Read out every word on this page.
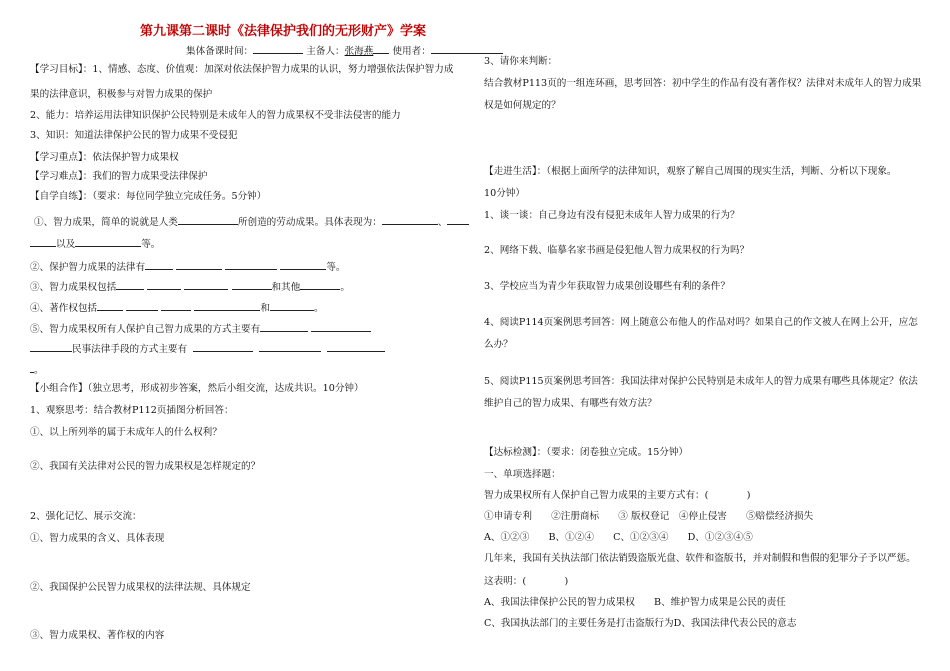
第九课第二课时《法律保护我们的无形财产》学案
集体备课时间：	主备人：张海燕 使用者：
【学习目标】：1、情感、态度、价值观：加深对依法保护智力成果的认识，努力增强依法保护智力成
果的法律意识，积极参与对智力成果的保护
2、能力：培养运用法律知识保护公民特别是未成年人的智力成果权不受非法侵害的能力
3、知识：知道法律保护公民的智力成果不受侵犯
【学习重点】：依法保护智力成果权
【学习难点】：我们的智力成果受法律保护
【自学自练】：（要求：每位同学独立完成任务。5分钟）
①、智力成果，简单的说就是人类	所创造的劳动成果。具体表现为：	、
以及	等。
②、保护智力成果的法律有	等。
③、智力成果权包括	和其他	。
④、著作权包括	和	。
⑤、智力成果权所有人保护自己智力成果的方式主要有
民事法律手段的方式主要有
。
【小组合作】（独立思考，形成初步答案，然后小组交流，达成共识。10分钟）
1、观察思考：结合教材P112页插图分析回答：
①、以上所列举的属于未成年人的什么权利？
②、我国有关法律对公民的智力成果权是怎样规定的？
2、强化记忆、展示交流：
①、智力成果的含义、具体表现
②、我国保护公民智力成果权的法律法规、具体规定
③、智力成果权、著作权的内容
3、请你来判断：
结合教材P113页的一组连环画，思考回答：初中学生的作品有没有著作权？法律对未成年人的智力成果
权是如何规定的？
【走进生活】：（根据上面所学的法律知识，观察了解自己周围的现实生活，判断、分析以下现象。
10分钟）
1、谈一谈：自己身边有没有侵犯未成年人智力成果的行为？
2、网络下载、临摹名家书画是侵犯他人智力成果权的行为吗？
3、学校应当为青少年获取智力成果创设哪些有利的条件？
4、阅读P114页案例思考回答：网上随意公布他人的作品对吗？如果自己的作文被人在网上公开，应怎
么办？
5、阅读P115页案例思考回答：我国法律对保护公民特别是未成年人的智力成果有哪些具体规定？依法
维护自己的智力成果、有哪些有效方法？
【达标检测】：（要求：闭卷独立完成。15分钟）
一、单项选择题：
智力成果权所有人保护自己智力成果的主要方式有：(　　　　)
①申请专利　　②注册商标　　③ 版权登记　④停止侵害　　⑤赔偿经济损失
A、①②③　　B、①②④　　C、①②③④　　D、①②③④⑤
几年来，我国有关执法部门依法销毁盗版光盘、软件和盗版书，并对制假和售假的犯罪分子予以严惩。
这表明：(　　　　)
A、我国法律保护公民的智力成果权　　B、维护智力成果是公民的责任
C、我国执法部门的主要任务是打击盗版行为D、我国法律代表公民的意志
